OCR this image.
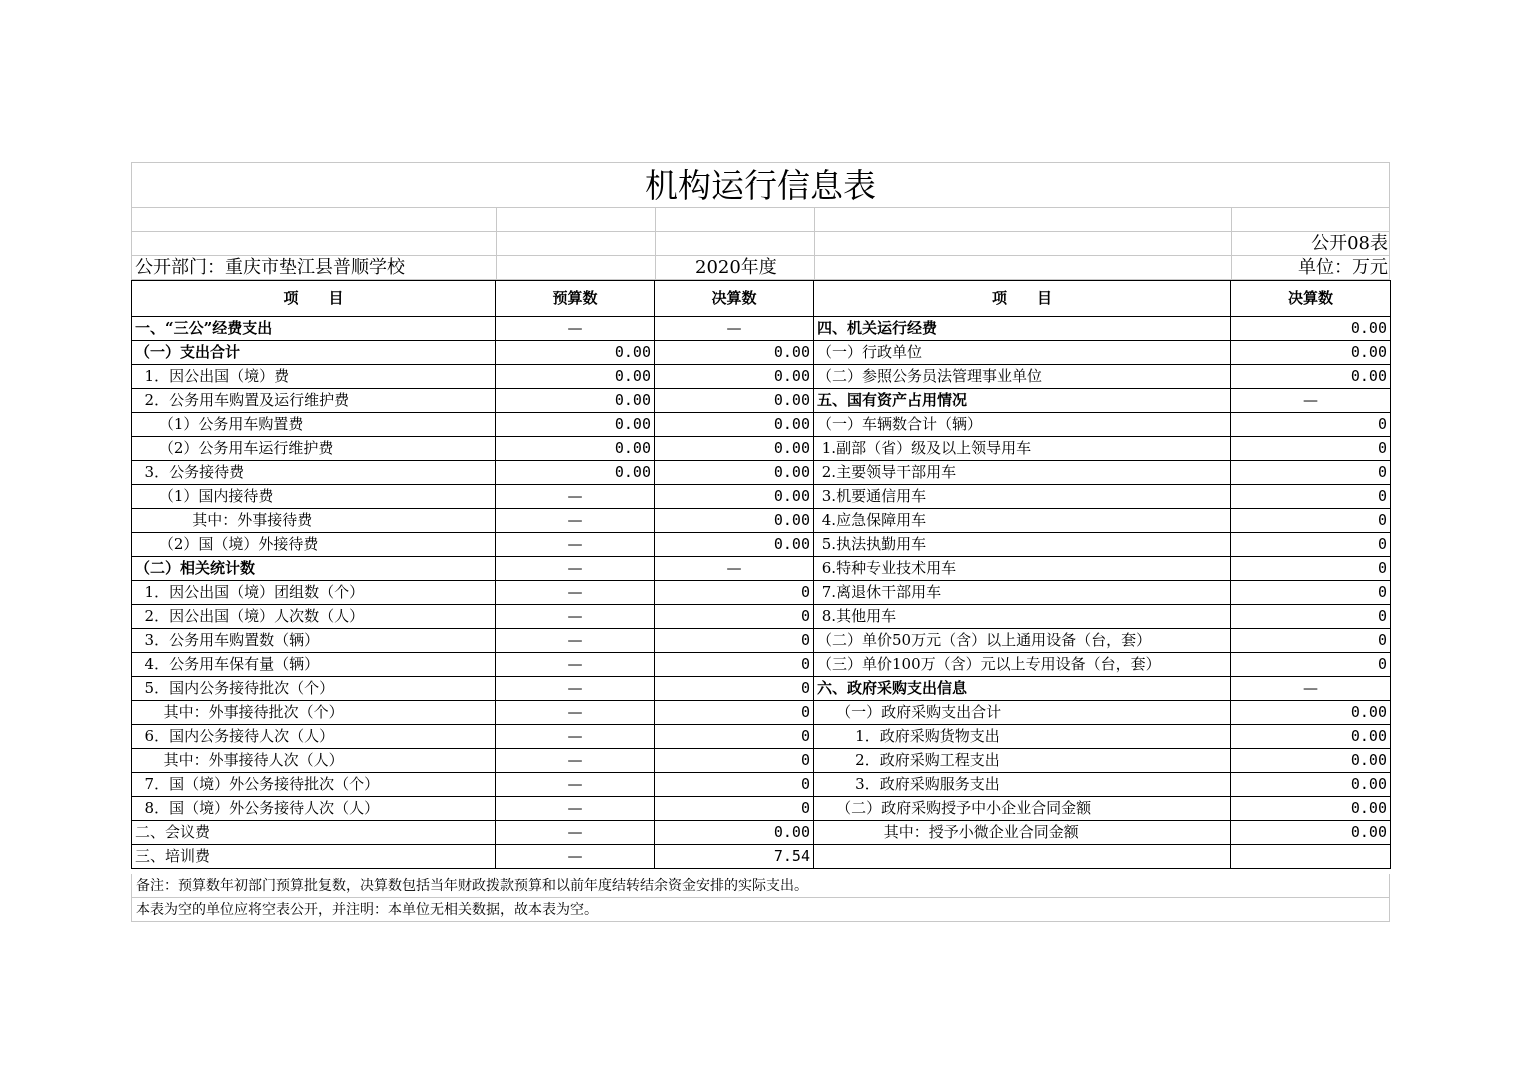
机构运行信息表
公开08表
公开部门：重庆市垫江县普顺学校	2020年度	单位：万元
项　　目	预算数	决算数	项　　目	决算数
一、“三公”经费支出	—	—	四、机关运行经费	0.00
（一）支出合计	0.00	0.00	（一）行政单位	0.00
1．因公出国（境）费	0.00	0.00	（二）参照公务员法管理事业单位	0.00
2．公务用车购置及运行维护费	0.00	0.00	五、国有资产占用情况	—
（1）公务用车购置费	0.00	0.00	（一）车辆数合计（辆）	0
（2）公务用车运行维护费	0.00	0.00	1.副部（省）级及以上领导用车	0
3．公务接待费	0.00	0.00	2.主要领导干部用车	0
（1）国内接待费	—	0.00	3.机要通信用车	0
其中：外事接待费	—	0.00	4.应急保障用车	0
（2）国（境）外接待费	—	0.00	5.执法执勤用车	0
（二）相关统计数	—	—	6.特种专业技术用车	0
1．因公出国（境）团组数（个）	—	0	7.离退休干部用车	0
2．因公出国（境）人次数（人）	—	0	8.其他用车	0
3．公务用车购置数（辆）	—	0	（二）单价50万元（含）以上通用设备（台，套）	0
4．公务用车保有量（辆）	—	0	（三）单价100万（含）元以上专用设备（台，套）	0
5．国内公务接待批次（个）	—	0	六、政府采购支出信息	—
其中：外事接待批次（个）	—	0	（一）政府采购支出合计	0.00
6．国内公务接待人次（人）	—	0	1．政府采购货物支出	0.00
其中：外事接待人次（人）	—	0	2．政府采购工程支出	0.00
7．国（境）外公务接待批次（个）	—	0	3．政府采购服务支出	0.00
8．国（境）外公务接待人次（人）	—	0	（二）政府采购授予中小企业合同金额	0.00
二、会议费	—	0.00	其中：授予小微企业合同金额	0.00
三、培训费	—	7.54		
备注：预算数年初部门预算批复数，决算数包括当年财政拨款预算和以前年度结转结余资金安排的实际支出。
本表为空的单位应将空表公开，并注明：本单位无相关数据，故本表为空。
